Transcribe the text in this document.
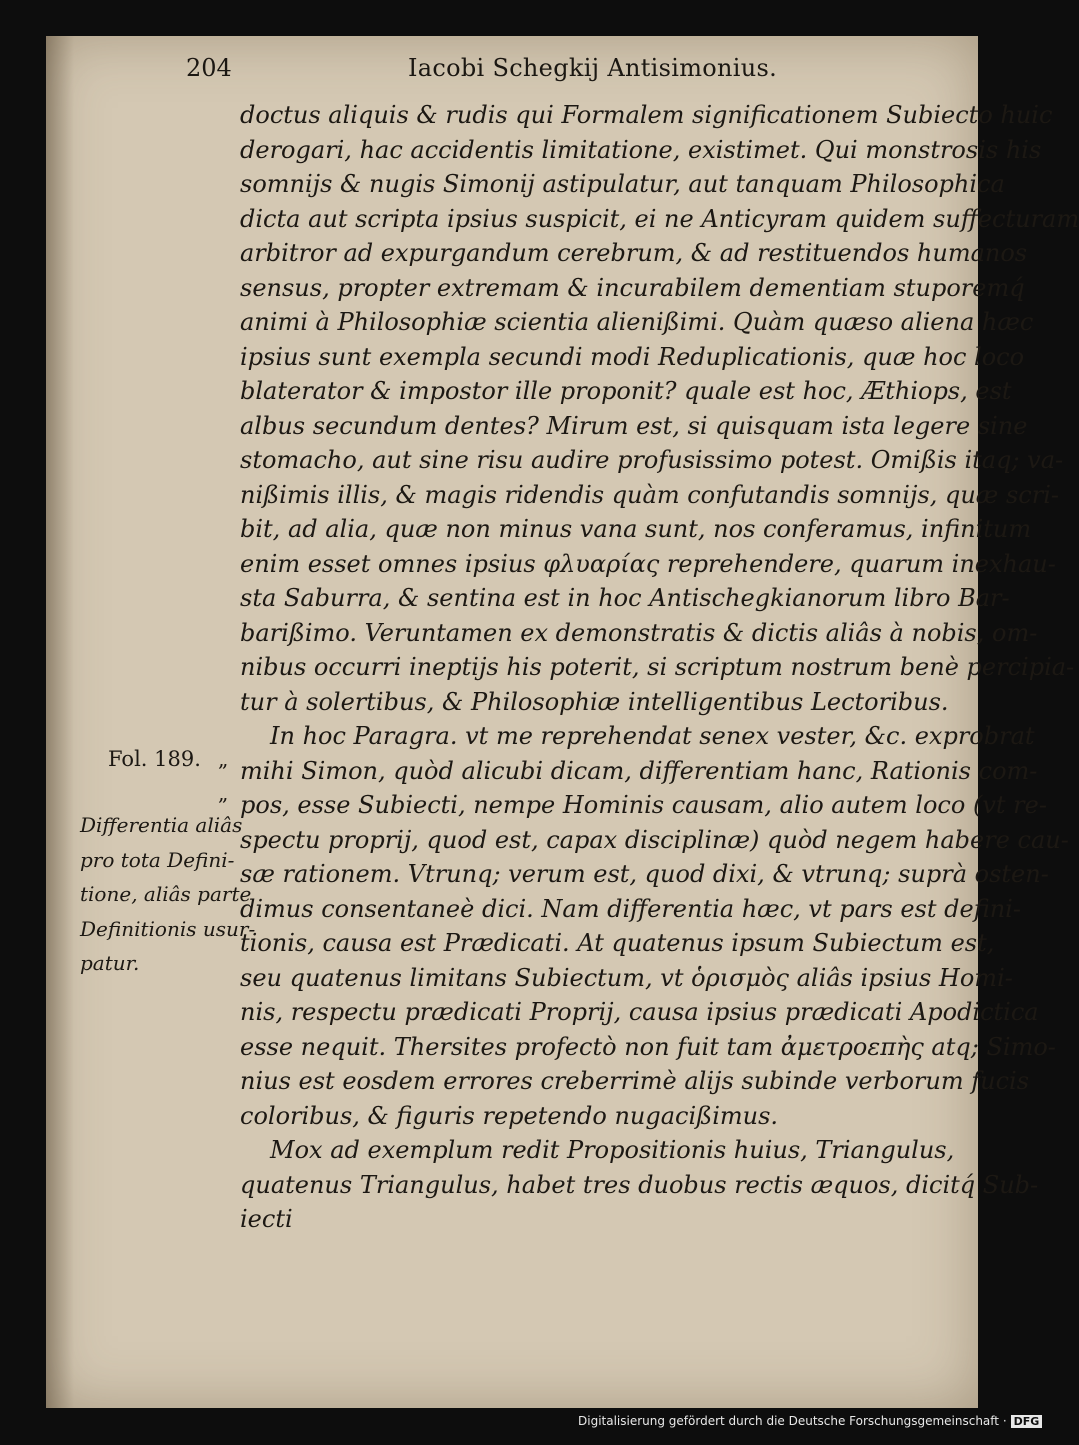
204	Iacobi Schegkij Antisimonius.
doctus aliquis & rudis qui Formalem significationem Subiecto huic
derogari, hac accidentis limitatione, existimet. Qui monstrosis his
somnijs & nugis Simonij astipulatur, aut tanquam Philosophica
dicta aut scripta ipsius suspicit, ei ne Anticyram quidem suffecturam
arbitror ad expurgandum cerebrum, & ad restituendos humanos
sensus, propter extremam & incurabilem dementiam stuporemq́
animi à Philosophiæ scientia alienißimi. Quàm quæso aliena hæc
ipsius sunt exempla secundi modi Reduplicationis, quæ hoc loco
blaterator & impostor ille proponit? quale est hoc, Æthiops, est
albus secundum dentes? Mirum est, si quisquam ista legere sine
stomacho, aut sine risu audire profusissimo potest. Omißis itaq; va-
nißimis illis, & magis ridendis quàm confutandis somnijs, quæ scri-
bit, ad alia, quæ non minus vana sunt, nos conferamus, infinitum
enim esset omnes ipsius φλυαρίας reprehendere, quarum inexhau-
sta Saburra, & sentina est in hoc Antischegkianorum libro Bar-
barißimo. Veruntamen ex demonstratis & dictis aliâs à nobis, om-
nibus occurri ineptijs his poterit, si scriptum nostrum benè percipia-
tur à solertibus, & Philosophiæ intelligentibus Lectoribus.
In hoc Paragra. vt me reprehendat senex vester, &c. exprobrat
mihi Simon, quòd alicubi dicam, differentiam hanc, Rationis com-
pos, esse Subiecti, nempe Hominis causam, alio autem loco (vt re-
spectu proprij, quod est, capax disciplinæ) quòd negem habere cau-
sæ rationem. Vtrunq; verum est, quod dixi, & vtrunq; suprà osten-
dimus consentaneè dici. Nam differentia hæc, vt pars est defini-
tionis, causa est Prædicati. At quatenus ipsum Subiectum est,
seu quatenus limitans Subiectum, vt ὁρισμὸς aliâs ipsius Homi-
nis, respectu prædicati Proprij, causa ipsius prædicati Apodictica
esse nequit. Thersites profectò non fuit tam ἀμετροεπὴς atq; Simo-
nius est eosdem errores creberrimè alijs subinde verborum fucis
coloribus, & figuris repetendo nugacißimus.
Mox ad exemplum redit Propositionis huius, Triangulus,
quatenus Triangulus, habet tres duobus rectis æquos, dicitq́ Sub-
iecti
Fol. 189. „
„
Differentia aliâs
pro tota Defini-
tione, aliâs parte
Definitionis usur-
patur.
Digitalisierung gefördert durch die Deutsche Forschungsgemeinschaft · DFG
